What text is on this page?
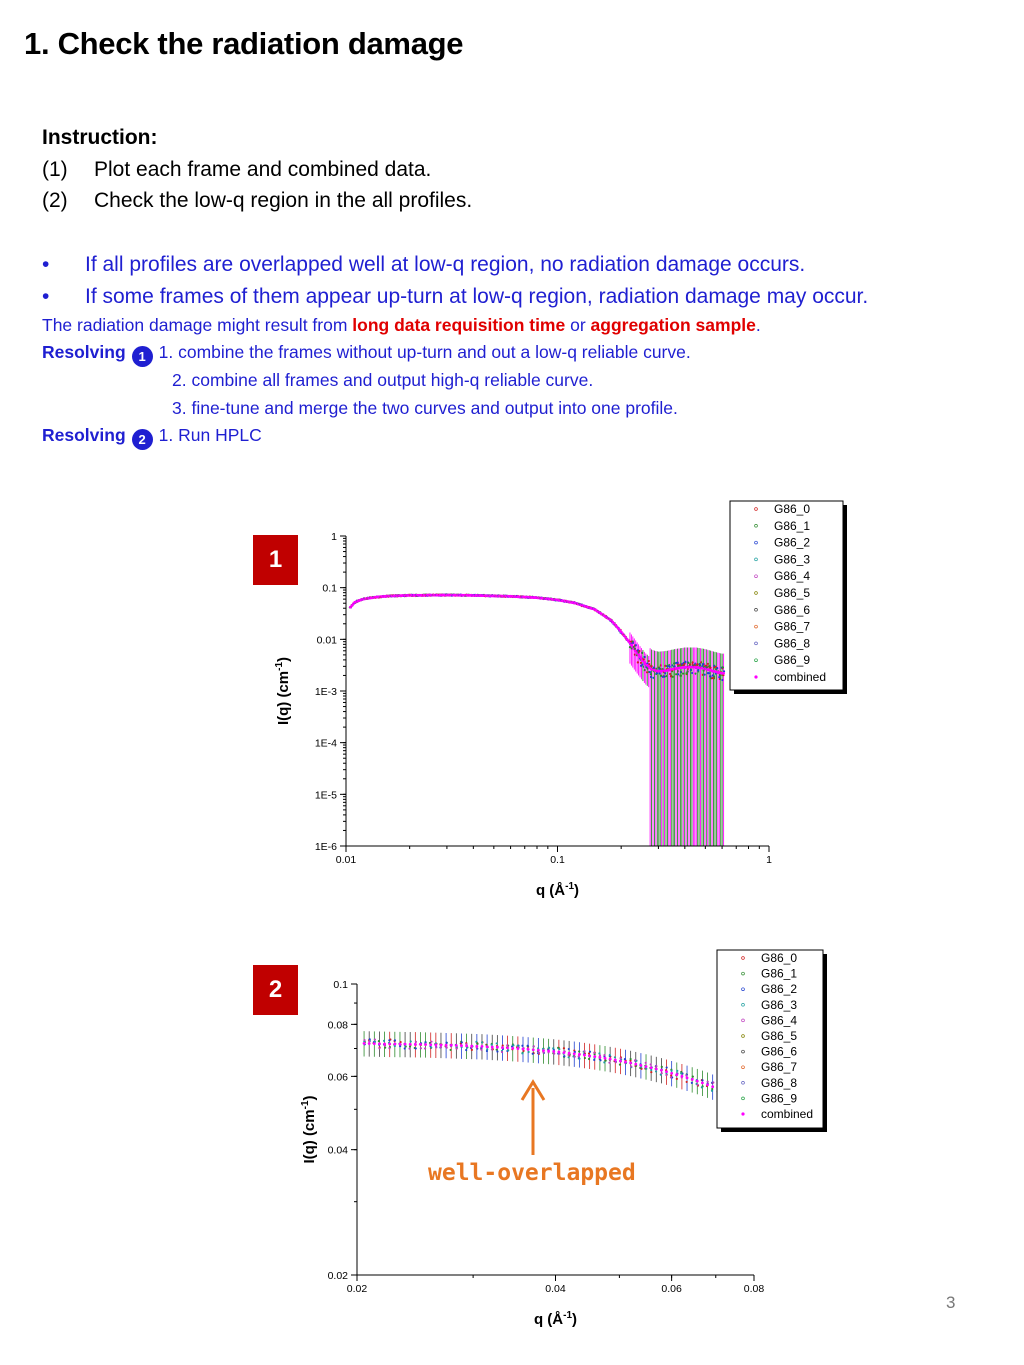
1. Check the radiation damage
Instruction:
(1)	Plot each frame and combined data.
(2)	Check the low-q region in the all profiles.
•	If all profiles are overlapped well at low-q region, no radiation damage occurs.
•	If some frames of them appear up-turn at low-q region, radiation damage may occur.
The radiation damage might result from long data requisition time or aggregation sample.
Resolving 1 1. combine the frames without up-turn and out a low-q reliable curve.
2. combine all frames and output high-q reliable curve.
3. fine-tune and merge the two curves and output into one profile.
Resolving 2 1. Run HPLC
1
2
0.01	0.1	1
1
0.1
0.01
1E-3
1E-4
1E-5
1E-6
q $(Å^{-1})$
I(q) $(cm^{-1})$
G86_0
G86_1
G86_2
G86_3
G86_4
G86_5
G86_6
G86_7
G86_8
G86_9
combined
0.02	0.04	0.06	0.08
0.1
0.08
0.06
0.04
0.02
q $(Å^{-1})$
I(q) $(cm^{-1})$
G86_0
G86_1
G86_2
G86_3
G86_4
G86_5
G86_6
G86_7
G86_8
G86_9
combined
well-overlapped
3
